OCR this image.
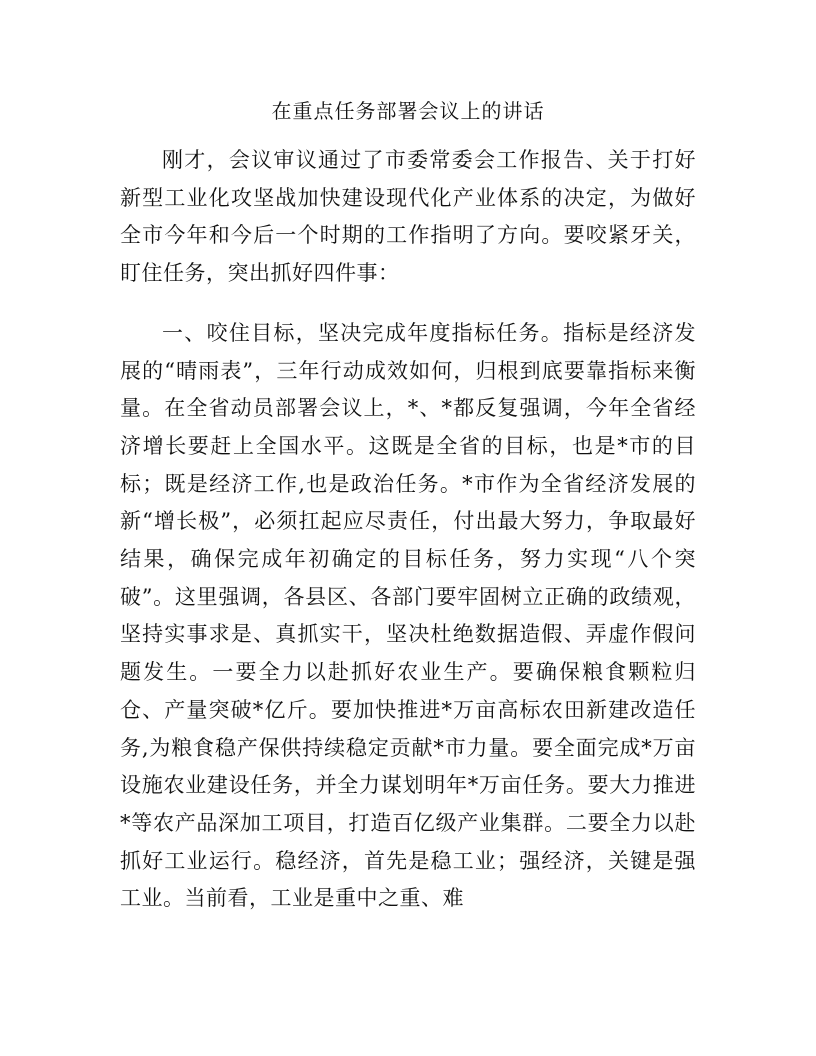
在重点任务部署会议上的讲话

刚才，会议审议通过了市委常委会工作报告、关于打好新型工业化攻坚战加快建设现代化产业体系的决定，为做好全市今年和今后一个时期的工作指明了方向。要咬紧牙关，盯住任务，突出抓好四件事：

一、咬住目标，坚决完成年度指标任务。指标是经济发展的“晴雨表”，三年行动成效如何，归根到底要靠指标来衡量。在全省动员部署会议上，*、*都反复强调，今年全省经济增长要赶上全国水平。这既是全省的目标，也是*市的目标；既是经济工作,也是政治任务。*市作为全省经济发展的新“增长极”，必须扛起应尽责任，付出最大努力，争取最好结果，确保完成年初确定的目标任务，努力实现“八个突破”。这里强调，各县区、各部门要牢固树立正确的政绩观，坚持实事求是、真抓实干，坚决杜绝数据造假、弄虚作假问题发生。一要全力以赴抓好农业生产。要确保粮食颗粒归仓、产量突破*亿斤。要加快推进*万亩高标农田新建改造任务,为粮食稳产保供持续稳定贡献*市力量。要全面完成*万亩设施农业建设任务，并全力谋划明年*万亩任务。要大力推进*等农产品深加工项目，打造百亿级产业集群。二要全力以赴抓好工业运行。稳经济，首先是稳工业；强经济，关键是强工业。当前看，工业是重中之重、难
